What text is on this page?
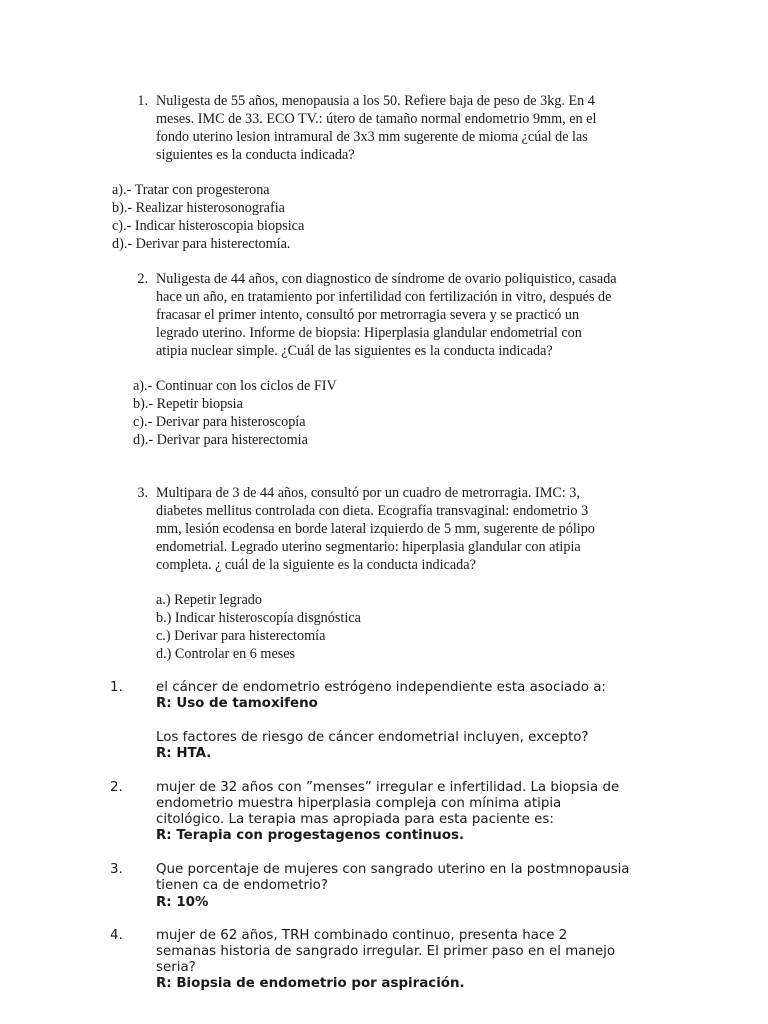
1. Nuligesta de 55 años, menopausia a los 50. Refiere baja de peso de 3kg. En 4
meses. IMC de 33. ECO TV.: útero de tamaño normal endometrio 9mm, en el
fondo uterino lesion intramural de 3x3 mm sugerente de mioma ¿cúal de las
siguientes es la conducta indicada?
a).- Tratar con progesterona
b).- Realizar histerosonografia
c).- Indicar histeroscopia biopsica
d).- Derivar para histerectomía.
2. Nuligesta de 44 años, con diagnostico de síndrome de ovario poliquistico, casada
hace un año, en tratamiento por infertilidad con fertilización in vitro, después de
fracasar el primer intento, consultó por metrorragia severa y se practicó un
legrado uterino. Informe de biopsia: Hiperplasia glandular endometrial con
atipia nuclear simple. ¿Cuál de las siguientes es la conducta indicada?
a).- Continuar con los ciclos de FIV
b).- Repetir biopsia
c).- Derivar para histeroscopía
d).- Derivar para histerectomia
3. Multipara de 3 de 44 años, consultó por un cuadro de metrorragia. IMC: 3,
diabetes mellitus controlada con dieta. Ecografía transvaginal: endometrio 3
mm, lesión ecodensa en borde lateral izquierdo de 5 mm, sugerente de pólipo
endometrial. Legrado uterino segmentario: hiperplasia glandular con atipia
completa. ¿ cuál de la siguiente es la conducta indicada?
a.) Repetir legrado
b.) Indicar histeroscopía disgnóstica
c.) Derivar para histerectomía
d.) Controlar en 6 meses
1. el cáncer de endometrio estrógeno independiente esta asociado a:
R: Uso de tamoxifeno
Los factores de riesgo de cáncer endometrial incluyen, excepto?
R: HTA.
2. mujer de 32 años con ”menses” irregular e infertilidad. La biopsia de
endometrio muestra hiperplasia compleja con mínima atipia
citológico. La terapia mas apropiada para esta paciente es:
R: Terapia con progestagenos continuos.
3. Que porcentaje de mujeres con sangrado uterino en la postmnopausia
tienen ca de endometrio?
R: 10%
4. mujer de 62 años, TRH combinado continuo, presenta hace 2
semanas historia de sangrado irregular. El primer paso en el manejo
seria?
R: Biopsia de endometrio por aspiración.
